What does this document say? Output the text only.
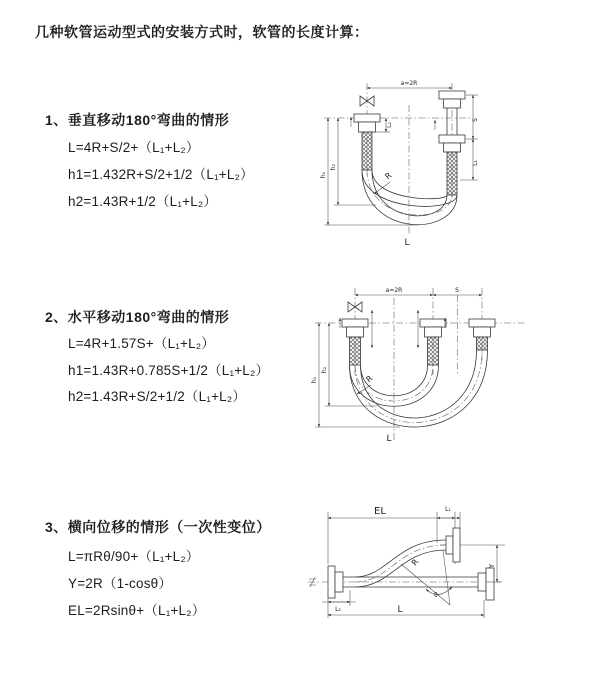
几种软管运动型式的安装方式时，软管的长度计算：
1、垂直移动180°弯曲的情形
L=4R+S/2+（L₁+L₂）
h1=1.432R+S/2+1/2（L₁+L₂）
h2=1.43R+1/2（L₁+L₂）
2、水平移动180°弯曲的情形
L=4R+1.57S+（L₁+L₂）
h1=1.43R+0.785S+1/2（L₁+L₂）
h2=1.43R+S/2+1/2（L₁+L₂）
3、横向位移的情形（一次性变位）
L=πRθ/90+（L₁+L₂）
Y=2R（1-cosθ）
EL=2Rsinθ+（L₁+L₂）
a=2R
h₁
h₂
S
L₁
L₂
R
L
a=2R	S
h₁
h₂
R
L
EL	L₁
Y
θ
R
L₂	L
